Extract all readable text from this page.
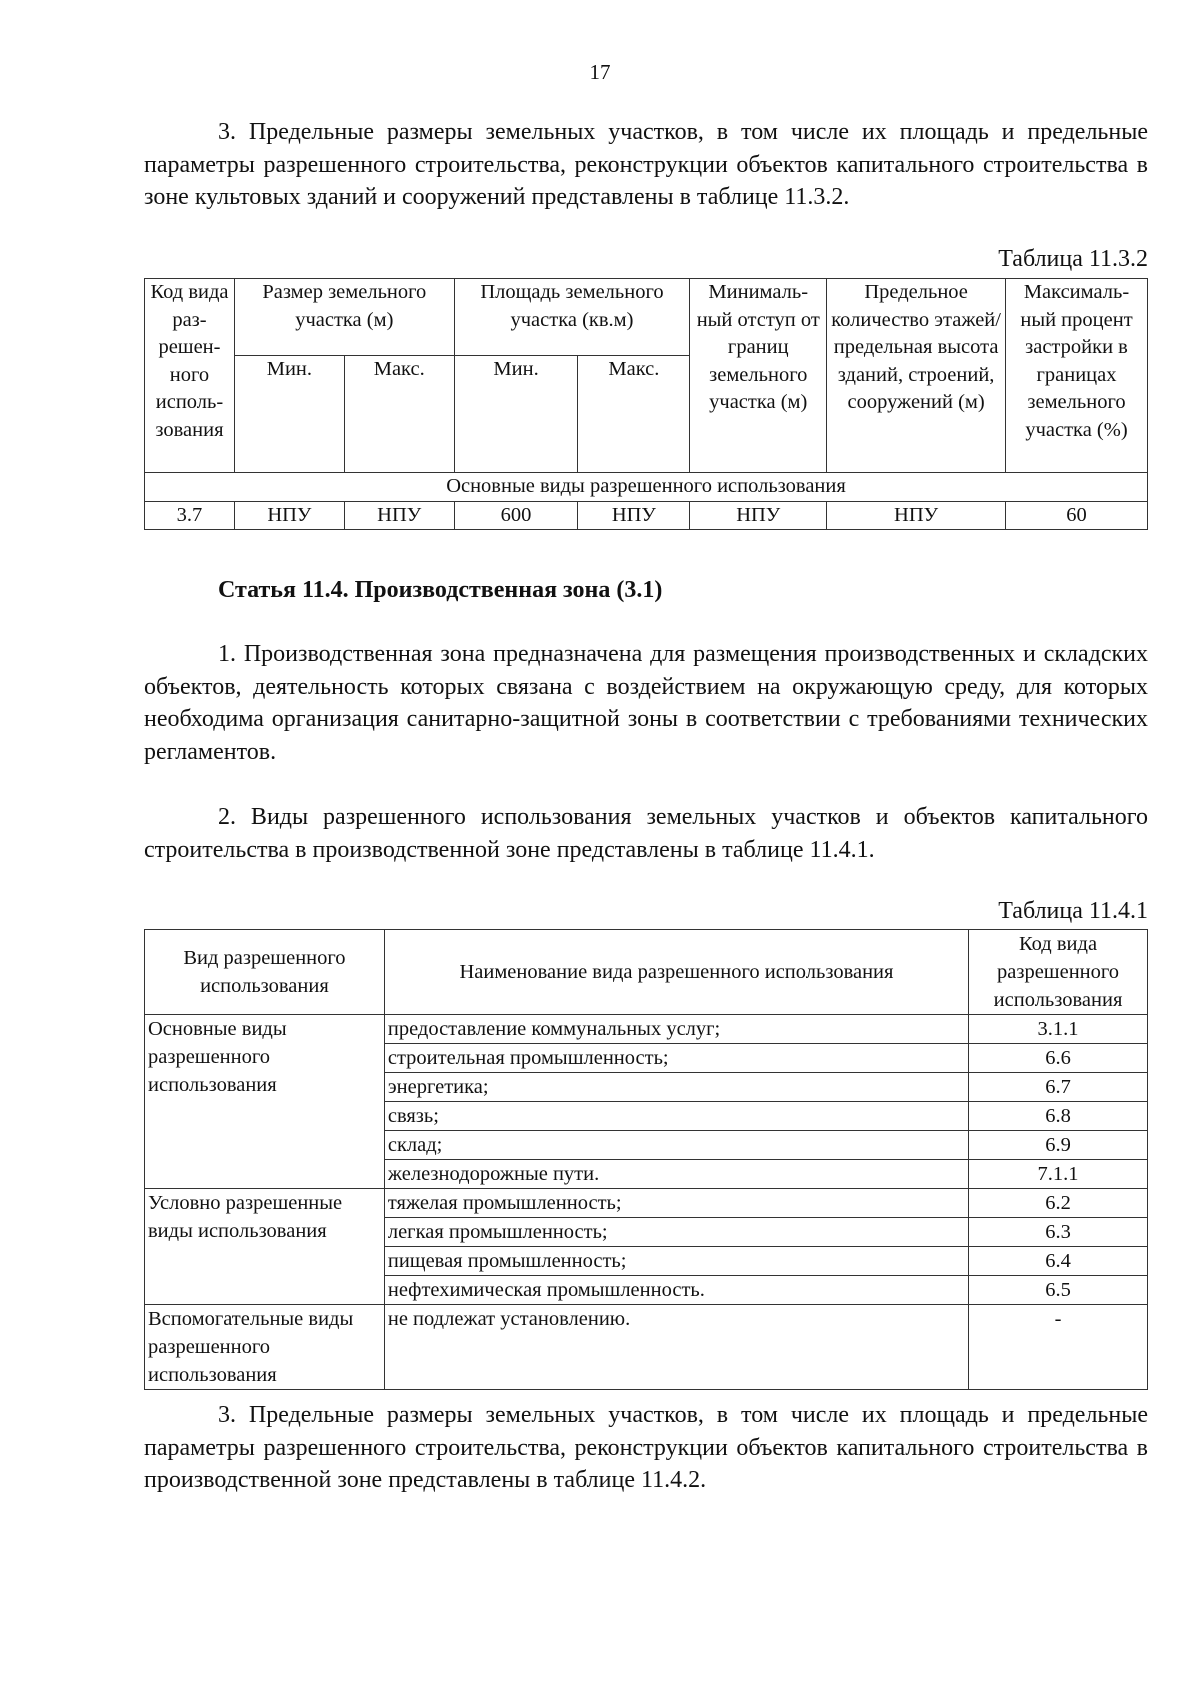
17

3. Предельные размеры земельных участков, в том числе их площадь и предельные параметры разрешенного строительства, реконструкции объектов капитального строительства в зоне культовых зданий и сооружений представлены в таблице 11.3.2.

Таблица 11.3.2
Код вида раз-решен-ного исполь-зования	Размер земельного участка (м)		Площадь земельного участка (кв.м)		Минималь-ный отступ от границ земельного участка (м)	Предельное количество этажей/ предельная высота зданий, строений, сооружений (м)	Максималь-ный процент застройки в границах земельного участка (%)
	Мин.	Макс.	Мин.	Макс.			
Основные виды разрешенного использования							
3.7	НПУ	НПУ	600	НПУ	НПУ	НПУ	60
Статья 11.4. Производственная зона (3.1)

1. Производственная зона предназначена для размещения производственных и складских объектов, деятельность которых связана с воздействием на окружающую среду, для которых необходима организация санитарно-защитной зоны в соответствии с требованиями технических регламентов.

2. Виды разрешенного использования земельных участков и объектов капитального строительства в производственной зоне представлены в таблице 11.4.1.

Таблица 11.4.1
Вид разрешенного использования	Наименование вида разрешенного использования	Код вида разрешенного использования
Основные виды разрешенного использования	предоставление коммунальных услуг;	3.1.1
	строительная промышленность;	6.6
	энергетика;	6.7
	связь;	6.8
	склад;	6.9
	железнодорожные пути.	7.1.1
Условно разрешенные виды использования	тяжелая промышленность;	6.2
	легкая промышленность;	6.3
	пищевая промышленность;	6.4
	нефтехимическая промышленность.	6.5
Вспомогательные виды разрешенного использования	не подлежат установлению.	-

3. Предельные размеры земельных участков, в том числе их площадь и предельные параметры разрешенного строительства, реконструкции объектов капитального строительства в производственной зоне представлены в таблице 11.4.2.
